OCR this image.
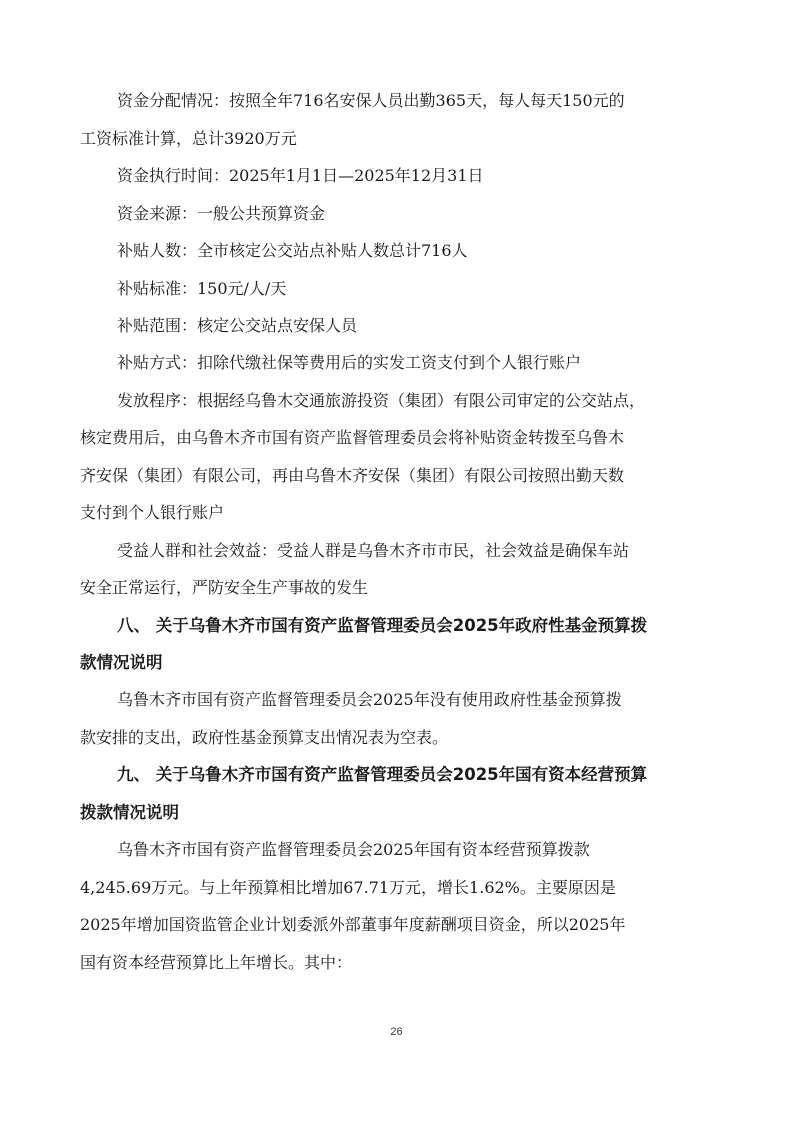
资金分配情况：按照全年716名安保人员出勤365天，每人每天150元的
工资标准计算，总计3920万元
资金执行时间：2025年1月1日—2025年12月31日
资金来源：一般公共预算资金
补贴人数：全市核定公交站点补贴人数总计716人
补贴标准：150元/人/天
补贴范围：核定公交站点安保人员
补贴方式：扣除代缴社保等费用后的实发工资支付到个人银行账户
发放程序：根据经乌鲁木交通旅游投资（集团）有限公司审定的公交站点，
核定费用后，由乌鲁木齐市国有资产监督管理委员会将补贴资金转拨至乌鲁木
齐安保（集团）有限公司，再由乌鲁木齐安保（集团）有限公司按照出勤天数
支付到个人银行账户
受益人群和社会效益：受益人群是乌鲁木齐市市民，社会效益是确保车站
安全正常运行，严防安全生产事故的发生
八、 关于乌鲁木齐市国有资产监督管理委员会2025年政府性基金预算拨
款情况说明
乌鲁木齐市国有资产监督管理委员会2025年没有使用政府性基金预算拨
款安排的支出，政府性基金预算支出情况表为空表。
九、 关于乌鲁木齐市国有资产监督管理委员会2025年国有资本经营预算
拨款情况说明
乌鲁木齐市国有资产监督管理委员会2025年国有资本经营预算拨款
4,245.69万元。与上年预算相比增加67.71万元，增长1.62%。主要原因是
2025年增加国资监管企业计划委派外部董事年度薪酬项目资金，所以2025年
国有资本经营预算比上年增长。其中：
26
